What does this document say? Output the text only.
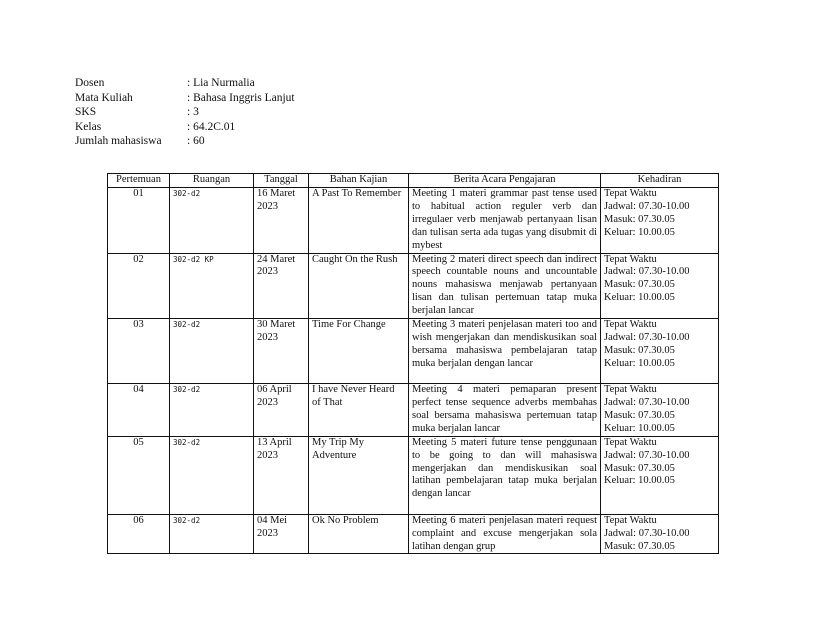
Dosen	: Lia Nurmalia
Mata Kuliah	: Bahasa Inggris Lanjut
SKS	: 3
Kelas	: 64.2C.01
Jumlah mahasiswa	: 60
Pertemuan	Ruangan	Tanggal	Bahan Kajian	Berita Acara Pengajaran	Kehadiran
01	302-d2	16 Maret 2023	A Past To Remember	Meeting 1 materi grammar past tense used to habitual action reguler verb dan irregulaer verb menjawab pertanyaan lisan dan tulisan serta ada tugas yang disubmit di mybest	Tepat Waktu
Jadwal: 07.30-10.00
Masuk: 07.30.05
Keluar: 10.00.05

02	302-d2 KP	24 Maret 2023	Caught On the Rush	Meeting 2 materi direct speech dan indirect speech countable nouns and uncountable nouns mahasiswa menjawab pertanyaan lisan dan tulisan pertemuan tatap muka berjalan lancar	Tepat Waktu
Jadwal: 07.30-10.00
Masuk: 07.30.05
Keluar: 10.00.05

03	302-d2	30 Maret 2023	Time For Change	Meeting 3 materi penjelasan materi too and wish mengerjakan dan mendiskusikan soal bersama mahasiswa pembelajaran tatap muka berjalan dengan lancar	Tepat Waktu
Jadwal: 07.30-10.00
Masuk: 07.30.05
Keluar: 10.00.05

04	302-d2	06 April 2023	I have Never Heard of That	Meeting 4 materi pemaparan present perfect tense sequence adverbs membahas soal bersama mahasiswa pertemuan tatap muka berjalan lancar	Tepat Waktu
Jadwal: 07.30-10.00
Masuk: 07.30.05
Keluar: 10.00.05

05	302-d2	13 April 2023	My Trip My Adventure	Meeting 5 materi future tense penggunaan to be going to dan will mahasiswa mengerjakan dan mendiskusikan soal latihan pembelajaran tatap muka berjalan dengan lancar	Tepat Waktu
Jadwal: 07.30-10.00
Masuk: 07.30.05
Keluar: 10.00.05

06	302-d2	04 Mei 2023	Ok No Problem	Meeting 6 materi penjelasan materi request complaint and excuse mengerjakan sola latihan dengan grup	Tepat Waktu
Jadwal: 07.30-10.00
Masuk: 07.30.05
